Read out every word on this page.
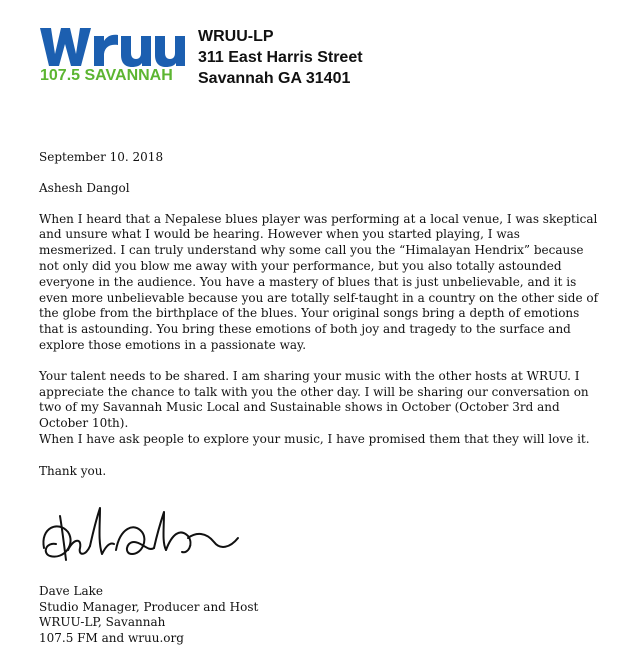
107.5 SAVANNAH
WRUU-LP
311 East Harris Street
Savannah GA 31401

September 10. 2018

Ashesh Dangol

When I heard that a Nepalese blues player was performing at a local venue, I was skeptical and unsure what I would be hearing. However when you started playing, I was mesmerized. I can truly understand why some call you the “Himalayan Hendrix” because not only did you blow me away with your performance, but you also totally astounded everyone in the audience. You have a mastery of blues that is just unbelievable, and it is even more unbelievable because you are totally self-taught in a country on the other side of the globe from the birthplace of the blues. Your original songs bring a depth of emotions that is astounding. You bring these emotions of both joy and tragedy to the surface and explore those emotions in a passionate way.

Your talent needs to be shared. I am sharing your music with the other hosts at WRUU. I appreciate the chance to talk with you the other day. I will be sharing our conversation on two of my Savannah Music Local and Sustainable shows in October (October 3rd and October 10th).

When I have ask people to explore your music, I have promised them that they will love it.

Thank you.

Dave Lake
Studio Manager, Producer and Host
WRUU-LP, Savannah
107.5 FM and wruu.org
